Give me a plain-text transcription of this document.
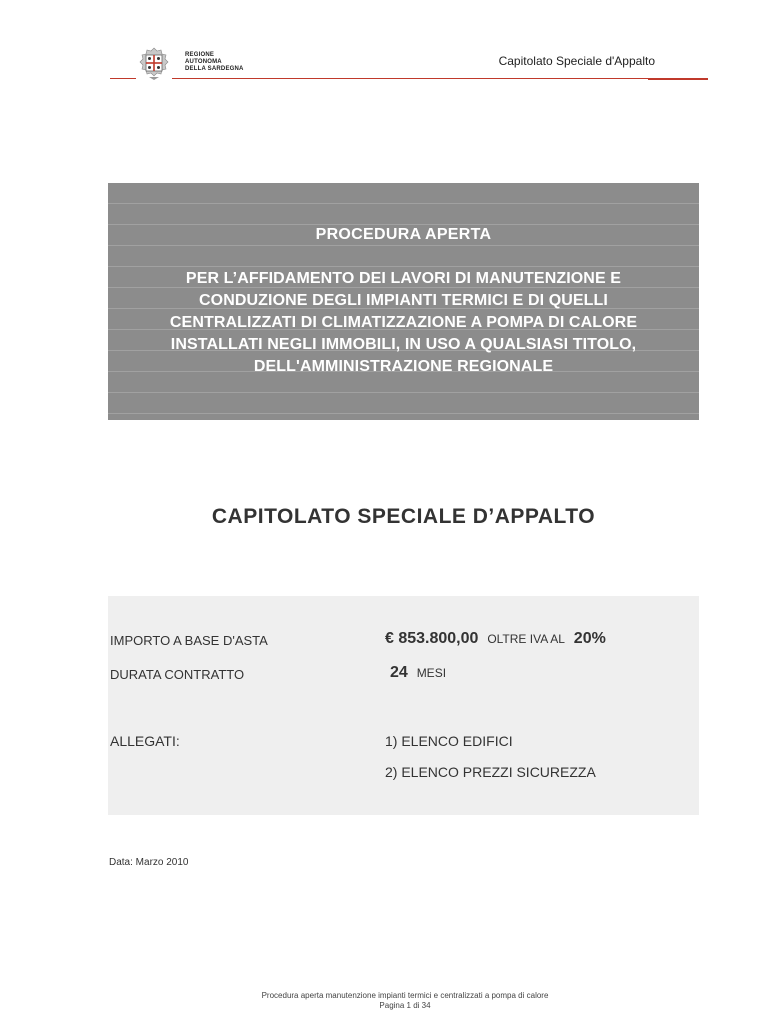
REGIONE
AUTONOMA
DELLA SARDEGNA
Capitolato Speciale d'Appalto
PROCEDURA APERTA
PER L’AFFIDAMENTO DEI LAVORI DI MANUTENZIONE E
CONDUZIONE DEGLI IMPIANTI TERMICI E DI QUELLI
CENTRALIZZATI DI CLIMATIZZAZIONE A POMPA DI CALORE
INSTALLATI NEGLI IMMOBILI, IN USO A QUALSIASI TITOLO,
DELL'AMMINISTRAZIONE REGIONALE
CAPITOLATO SPECIALE D’APPALTO
IMPORTO A BASE D'ASTA	€ 853.800,00 OLTRE IVA AL 20%
DURATA CONTRATTO	24 MESI
ALLEGATI:	1) ELENCO EDIFICI
2) ELENCO PREZZI SICUREZZA
Data: Marzo 2010
Procedura aperta manutenzione impianti termici e centralizzati a pompa di calore
Pagina 1 di 34
